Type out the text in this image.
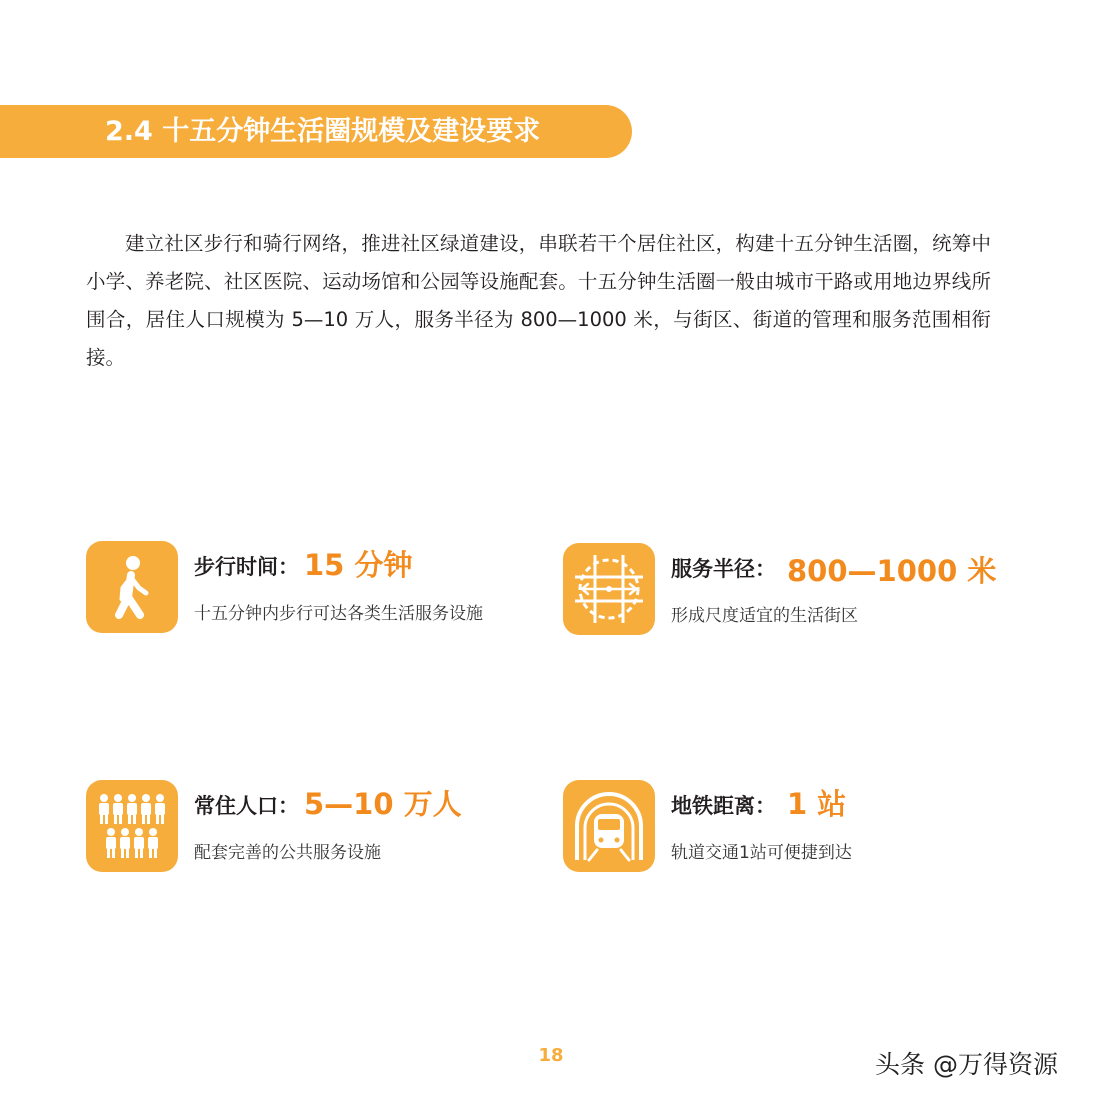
2.4 十五分钟生活圈规模及建设要求

建立社区步行和骑行网络，推进社区绿道建设，串联若干个居住社区，构建十五分钟生活圈，统筹中小学、养老院、社区医院、运动场馆和公园等设施配套。十五分钟生活圈一般由城市干路或用地边界线所围合，居住人口规模为 5—10 万人，服务半径为 800—1000 米，与街区、街道的管理和服务范围相衔接。

步行时间： 15 分钟
十五分钟内步行可达各类生活服务设施
服务半径： 800—1000 米
形成尺度适宜的生活街区
常住人口： 5—10 万人
配套完善的公共服务设施
地铁距离： 1 站
轨道交通1站可便捷到达
18	头条 @万得资源
